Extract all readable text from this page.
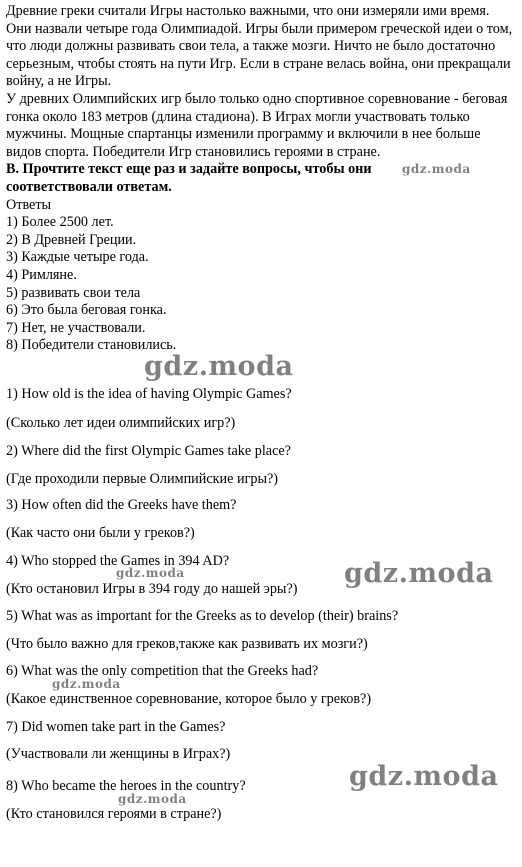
Древние греки считали Игры настолько важными, что они измеряли ими время. Они назвали четыре года Олимпиадой. Игры были примером греческой идеи о том, что люди должны развивать свои тела, а также мозги. Ничто не было достаточно серьезным, чтобы стоять на пути Игр. Если в стране велась война, они прекращали войну, а не Игры.

У древних Олимпийских игр было только одно спортивное соревнование - беговая гонка около 183 метров (длина стадиона). В Играх могли участвовать только мужчины. Мощные спартанцы изменили программу и включили в нее больше видов спорта. Победители Игр становились героями в стране.

В. Прочтите текст еще раз и задайте вопросы, чтобы они
соответствовали ответам.

Ответы

1) Более 2500 лет.
2) В Древней Греции.
3) Каждые четыре года.
4) Римляне.
5) развивать свои тела
6) Это была беговая гонка.
7) Нет, не участвовали.
8) Победители становились.
1) How old is the idea of having Olympic Games?
(Сколько лет идеи олимпийских игр?)
2) Where did the first Olympic Games take place?
(Где проходили первые Олимпийские игры?)
3) How often did the Greeks have them?
(Как часто они были у греков?)
4) Who stopped the Games in 394 AD?
(Кто остановил Игры в 394 году до нашей эры?)
5) What was as important for the Greeks as to develop (their) brains?
(Что было важно для греков,также как развивать их мозги?)
6) What was the only competition that the Greeks had?
(Какое единственное соревнование, которое было у греков?)
7) Did women take part in the Games?
(Участвовали ли женщины в Играх?)
8) Who became the heroes in the country?
(Кто становился героями в стране?)
gdz.moda
gdz.moda
gdz.moda	gdz.moda
gdz.moda
gdz.moda
gdz.moda
